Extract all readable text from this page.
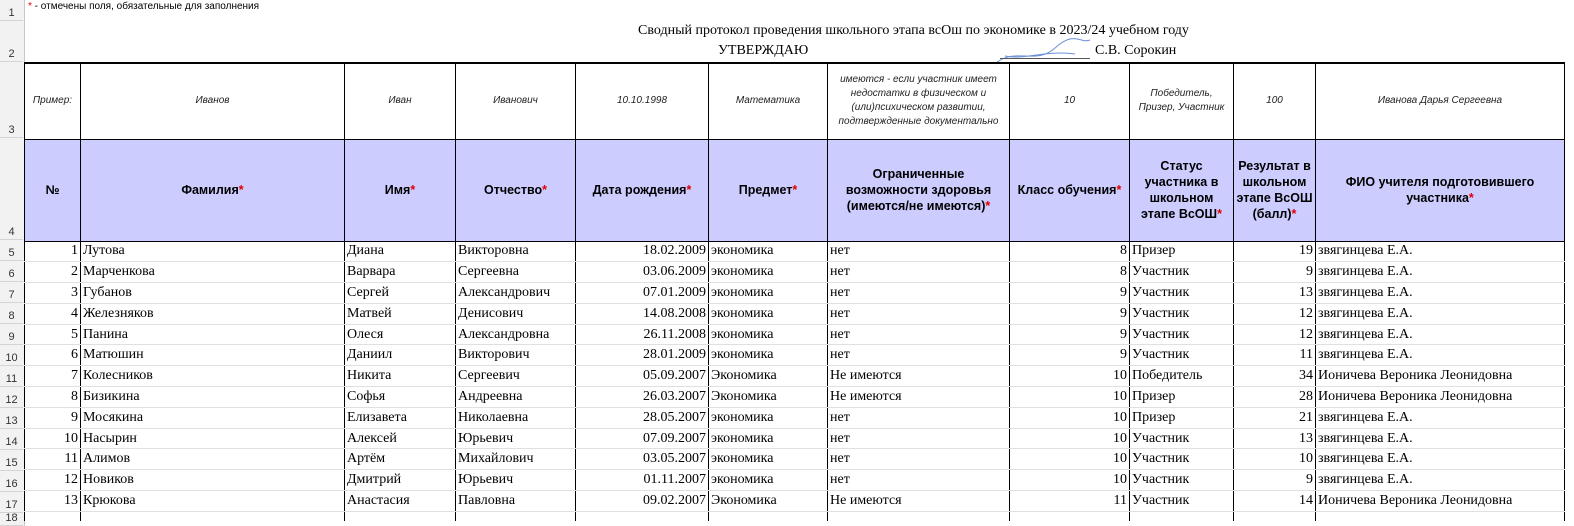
1
2
3
4
5
6
7
8
9
10
11
12
13
14
15
16
17
18
* - отмечены поля, обязательные для заполнения
Сводный протокол проведения школьного этапа всОш по экономике в 2023/24 учебном году
УТВЕРЖДАЮ	С.В. Сорокин
Пример:	Иванов	Иван	Иванович	10.10.1998	Математика	имеются - если участник имеет недостатки в физическом и (или)психическом развитии, подтвержденные документально	10	Победитель, Призер, Участник	100	Иванова Дарья Сергеевна
№	Фамилия*	Имя*	Отчество*	Дата рождения*	Предмет*	Ограниченные возможности здоровья (имеются/не имеются)*	Класс обучения*	Статус участника в школьном этапе ВсОШ*	Результат в школьном этапе ВсОШ (балл)*	ФИО учителя подготовившего участника*
1	Лутова	Диана	Викторовна	18.02.2009	экономика	нет	8	Призер	19	звягинцева Е.А.
2	Марченкова	Варвара	Сергеевна	03.06.2009	экономика	нет	8	Участник	9	звягинцева Е.А.
3	Губанов	Сергей	Александрович	07.01.2009	экономика	нет	9	Участник	13	звягинцева Е.А.
4	Железняков	Матвей	Денисович	14.08.2008	экономика	нет	9	Участник	12	звягинцева Е.А.
5	Панина	Олеся	Александровна	26.11.2008	экономика	нет	9	Участник	12	звягинцева Е.А.
6	Матюшин	Даниил	Викторович	28.01.2009	экономика	нет	9	Участник	11	звягинцева Е.А.
7	Колесников	Никита	Сергеевич	05.09.2007	Экономика	Не имеются	10	Победитель	34	Ионичева Вероника Леонидовна
8	Бизикина	Софья	Андреевна	26.03.2007	Экономика	Не имеются	10	Призер	28	Ионичева Вероника Леонидовна
9	Мосякина	Елизавета	Николаевна	28.05.2007	экономика	нет	10	Призер	21	звягинцева Е.А.
10	Насырин	Алексей	Юрьевич	07.09.2007	экономика	нет	10	Участник	13	звягинцева Е.А.
11	Алимов	Артём	Михайлович	03.05.2007	экономика	нет	10	Участник	10	звягинцева Е.А.
12	Новиков	Дмитрий	Юрьевич	01.11.2007	экономика	нет	10	Участник	9	звягинцева Е.А.
13	Крюкова	Анастасия	Павловна	09.02.2007	Экономика	Не имеются	11	Участник	14	Ионичева Вероника Леонидовна
